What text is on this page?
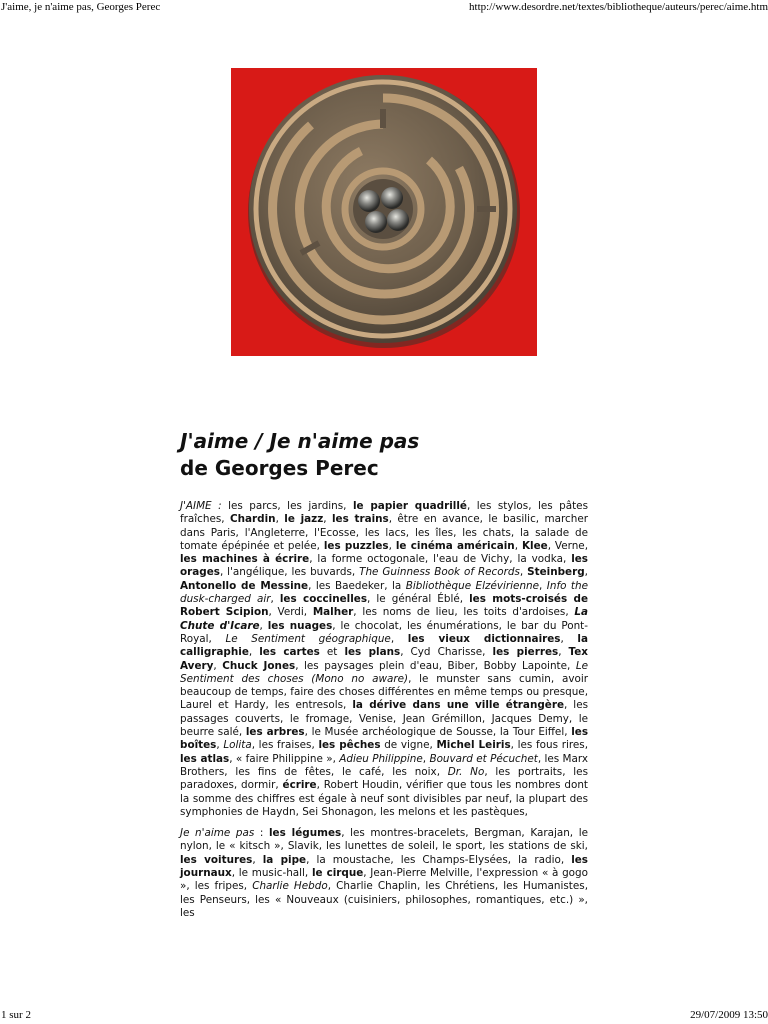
J'aime, je n'aime pas, Georges Perec	http://www.desordre.net/textes/bibliotheque/auteurs/perec/aime.htm
J'aime / Je n'aime pas
de Georges Perec

J'AIME : les parcs, les jardins, le papier quadrillé, les stylos, les pâtes fraîches, Chardin, le jazz, les trains, être en avance, le basilic, marcher dans Paris, l'Angleterre, l'Ecosse, les lacs, les îles, les chats, la salade de tomate épépinée et pelée, les puzzles, le cinéma américain, Klee, Verne, les machines à écrire, la forme octogonale, l'eau de Vichy, la vodka, les orages, l'angélique, les buvards, The Guinness Book of Records, Steinberg, Antonello de Messine, les Baedeker, la Bibliothèque Elzévirienne, Info the dusk-charged air, les coccinelles, le général Éblé, les mots-croisés de Robert Scipion, Verdi, Malher, les noms de lieu, les toits d'ardoises, La Chute d'Icare, les nuages, le chocolat, les énumérations, le bar du Pont-Royal, Le Sentiment géographique, les vieux dictionnaires, la calligraphie, les cartes et les plans, Cyd Charisse, les pierres, Tex Avery, Chuck Jones, les paysages plein d'eau, Biber, Bobby Lapointe, Le Sentiment des choses (Mono no aware), le munster sans cumin, avoir beaucoup de temps, faire des choses différentes en même temps ou presque, Laurel et Hardy, les entresols, la dérive dans une ville étrangère, les passages couverts, le fromage, Venise, Jean Grémillon, Jacques Demy, le beurre salé, les arbres, le Musée archéologique de Sousse, la Tour Eiffel, les boîtes, Lolita, les fraises, les pêches de vigne, Michel Leiris, les fous rires, les atlas, « faire Philippine », Adieu Philippine, Bouvard et Pécuchet, les Marx Brothers, les fins de fêtes, le café, les noix, Dr. No, les portraits, les paradoxes, dormir, écrire, Robert Houdin, vérifier que tous les nombres dont la somme des chiffres est égale à neuf sont divisibles par neuf, la plupart des symphonies de Haydn, Sei Shonagon, les melons et les pastèques,

Je n'aime pas : les légumes, les montres-bracelets, Bergman, Karajan, le nylon, le « kitsch », Slavik, les lunettes de soleil, le sport, les stations de ski, les voitures, la pipe, la moustache, les Champs-Elysées, la radio, les journaux, le music-hall, le cirque, Jean-Pierre Melville, l'expression « à gogo », les fripes, Charlie Hebdo, Charlie Chaplin, les Chrétiens, les Humanistes, les Penseurs, les « Nouveaux (cuisiniers, philosophes, romantiques, etc.) », les

1 sur 2	29/07/2009 13:50
